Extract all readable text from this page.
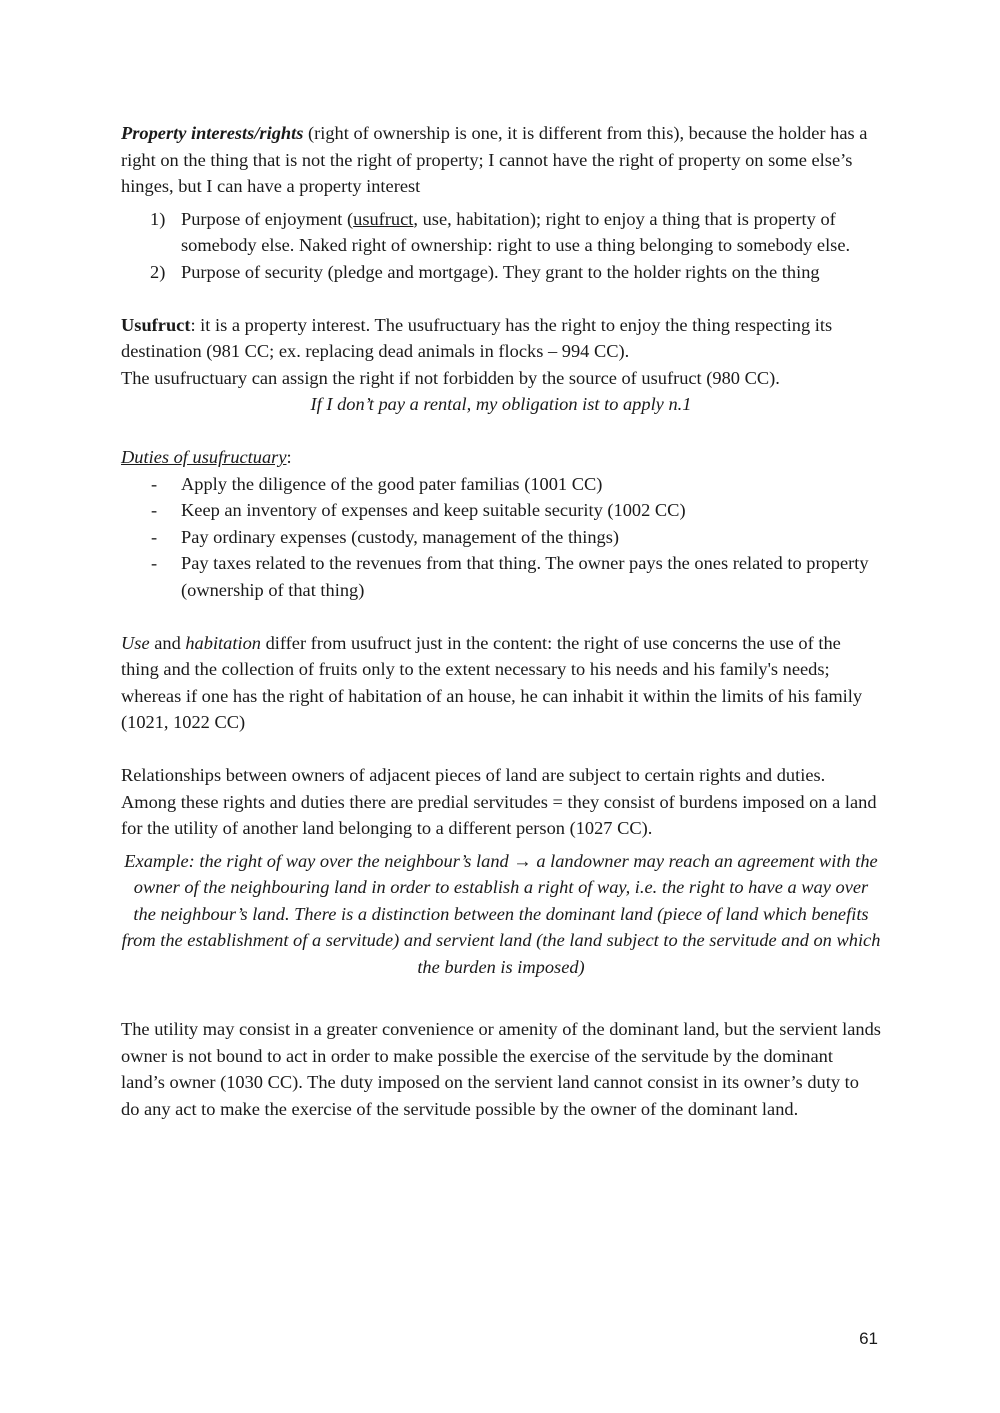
Property interests/rights (right of ownership is one, it is different from this), because the holder has a right on the thing that is not the right of property; I cannot have the right of property on some else’s hinges, but I can have a property interest

1) Purpose of enjoyment (usufruct, use, habitation); right to enjoy a thing that is property of somebody else. Naked right of ownership: right to use a thing belonging to somebody else.
2) Purpose of security (pledge and mortgage). They grant to the holder rights on the thing

Usufruct: it is a property interest. The usufructuary has the right to enjoy the thing respecting its destination (981 CC; ex. replacing dead animals in flocks – 994 CC).

The usufructuary can assign the right if not forbidden by the source of usufruct (980 CC).

If I don’t pay a rental, my obligation ist to apply n.1

Duties of usufructuary:

- Apply the diligence of the good pater familias (1001 CC)
- Keep an inventory of expenses and keep suitable security (1002 CC)
- Pay ordinary expenses (custody, management of the things)
- Pay taxes related to the revenues from that thing. The owner pays the ones related to property (ownership of that thing)

Use and habitation differ from usufruct just in the content: the right of use concerns the use of the thing and the collection of fruits only to the extent necessary to his needs and his family's needs; whereas if one has the right of habitation of an house, he can inhabit it within the limits of his family (1021, 1022 CC)

Relationships between owners of adjacent pieces of land are subject to certain rights and duties. Among these rights and duties there are predial servitudes = they consist of burdens imposed on a land for the utility of another land belonging to a different person (1027 CC).

Example: the right of way over the neighbour’s land → a landowner may reach an agreement with the owner of the neighbouring land in order to establish a right of way, i.e. the right to have a way over the neighbour’s land. There is a distinction between the dominant land (piece of land which benefits from the establishment of a servitude) and servient land (the land subject to the servitude and on which the burden is imposed)

The utility may consist in a greater convenience or amenity of the dominant land, but the servient lands owner is not bound to act in order to make possible the exercise of the servitude by the dominant land’s owner (1030 CC). The duty imposed on the servient land cannot consist in its owner’s duty to do any act to make the exercise of the servitude possible by the owner of the dominant land.

61
